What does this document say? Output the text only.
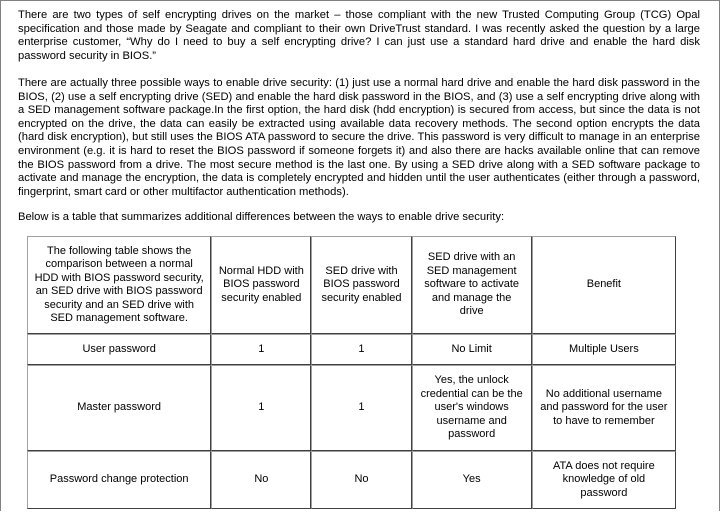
There are two types of self encrypting drives on the market – those compliant with the new Trusted Computing Group (TCG) Opal specification and those made by Seagate and compliant to their own DriveTrust standard. I was recently asked the question by a large enterprise customer, “Why do I need to buy a self encrypting drive? I can just use a standard hard drive and enable the hard disk password security in BIOS.”

There are actually three possible ways to enable drive security: (1) just use a normal hard drive and enable the hard disk password in the BIOS, (2) use a self encrypting drive (SED) and enable the hard disk password in the BIOS, and (3) use a self encrypting drive along with a SED management software package.In the first option, the hard disk (hdd encryption) is secured from access, but since the data is not encrypted on the drive, the data can easily be extracted using available data recovery methods. The second option encrypts the data (hard disk encryption), but still uses the BIOS ATA password to secure the drive. This password is very difficult to manage in an enterprise environment (e.g. it is hard to reset the BIOS password if someone forgets it) and also there are hacks available online that can remove the BIOS password from a drive. The most secure method is the last one. By using a SED drive along with a SED software package to activate and manage the encryption, the data is completely encrypted and hidden until the user authenticates (either through a password, fingerprint, smart card or other multifactor authentication methods).

Below is a table that summarizes additional differences between the ways to enable drive security:

The following table shows the comparison between a normal HDD with BIOS password security, an SED drive with BIOS password security and an SED drive with SED management software.	Normal HDD with BIOS password security enabled	SED drive with BIOS password security enabled	SED drive with an SED management software to activate and manage the drive	Benefit
User password	1	1	No Limit	Multiple Users
Master password	1	1	Yes, the unlock credential can be the user's windows username and password	No additional username and password for the user to have to remember
Password change protection	No	No	Yes	ATA does not require knowledge of old password
